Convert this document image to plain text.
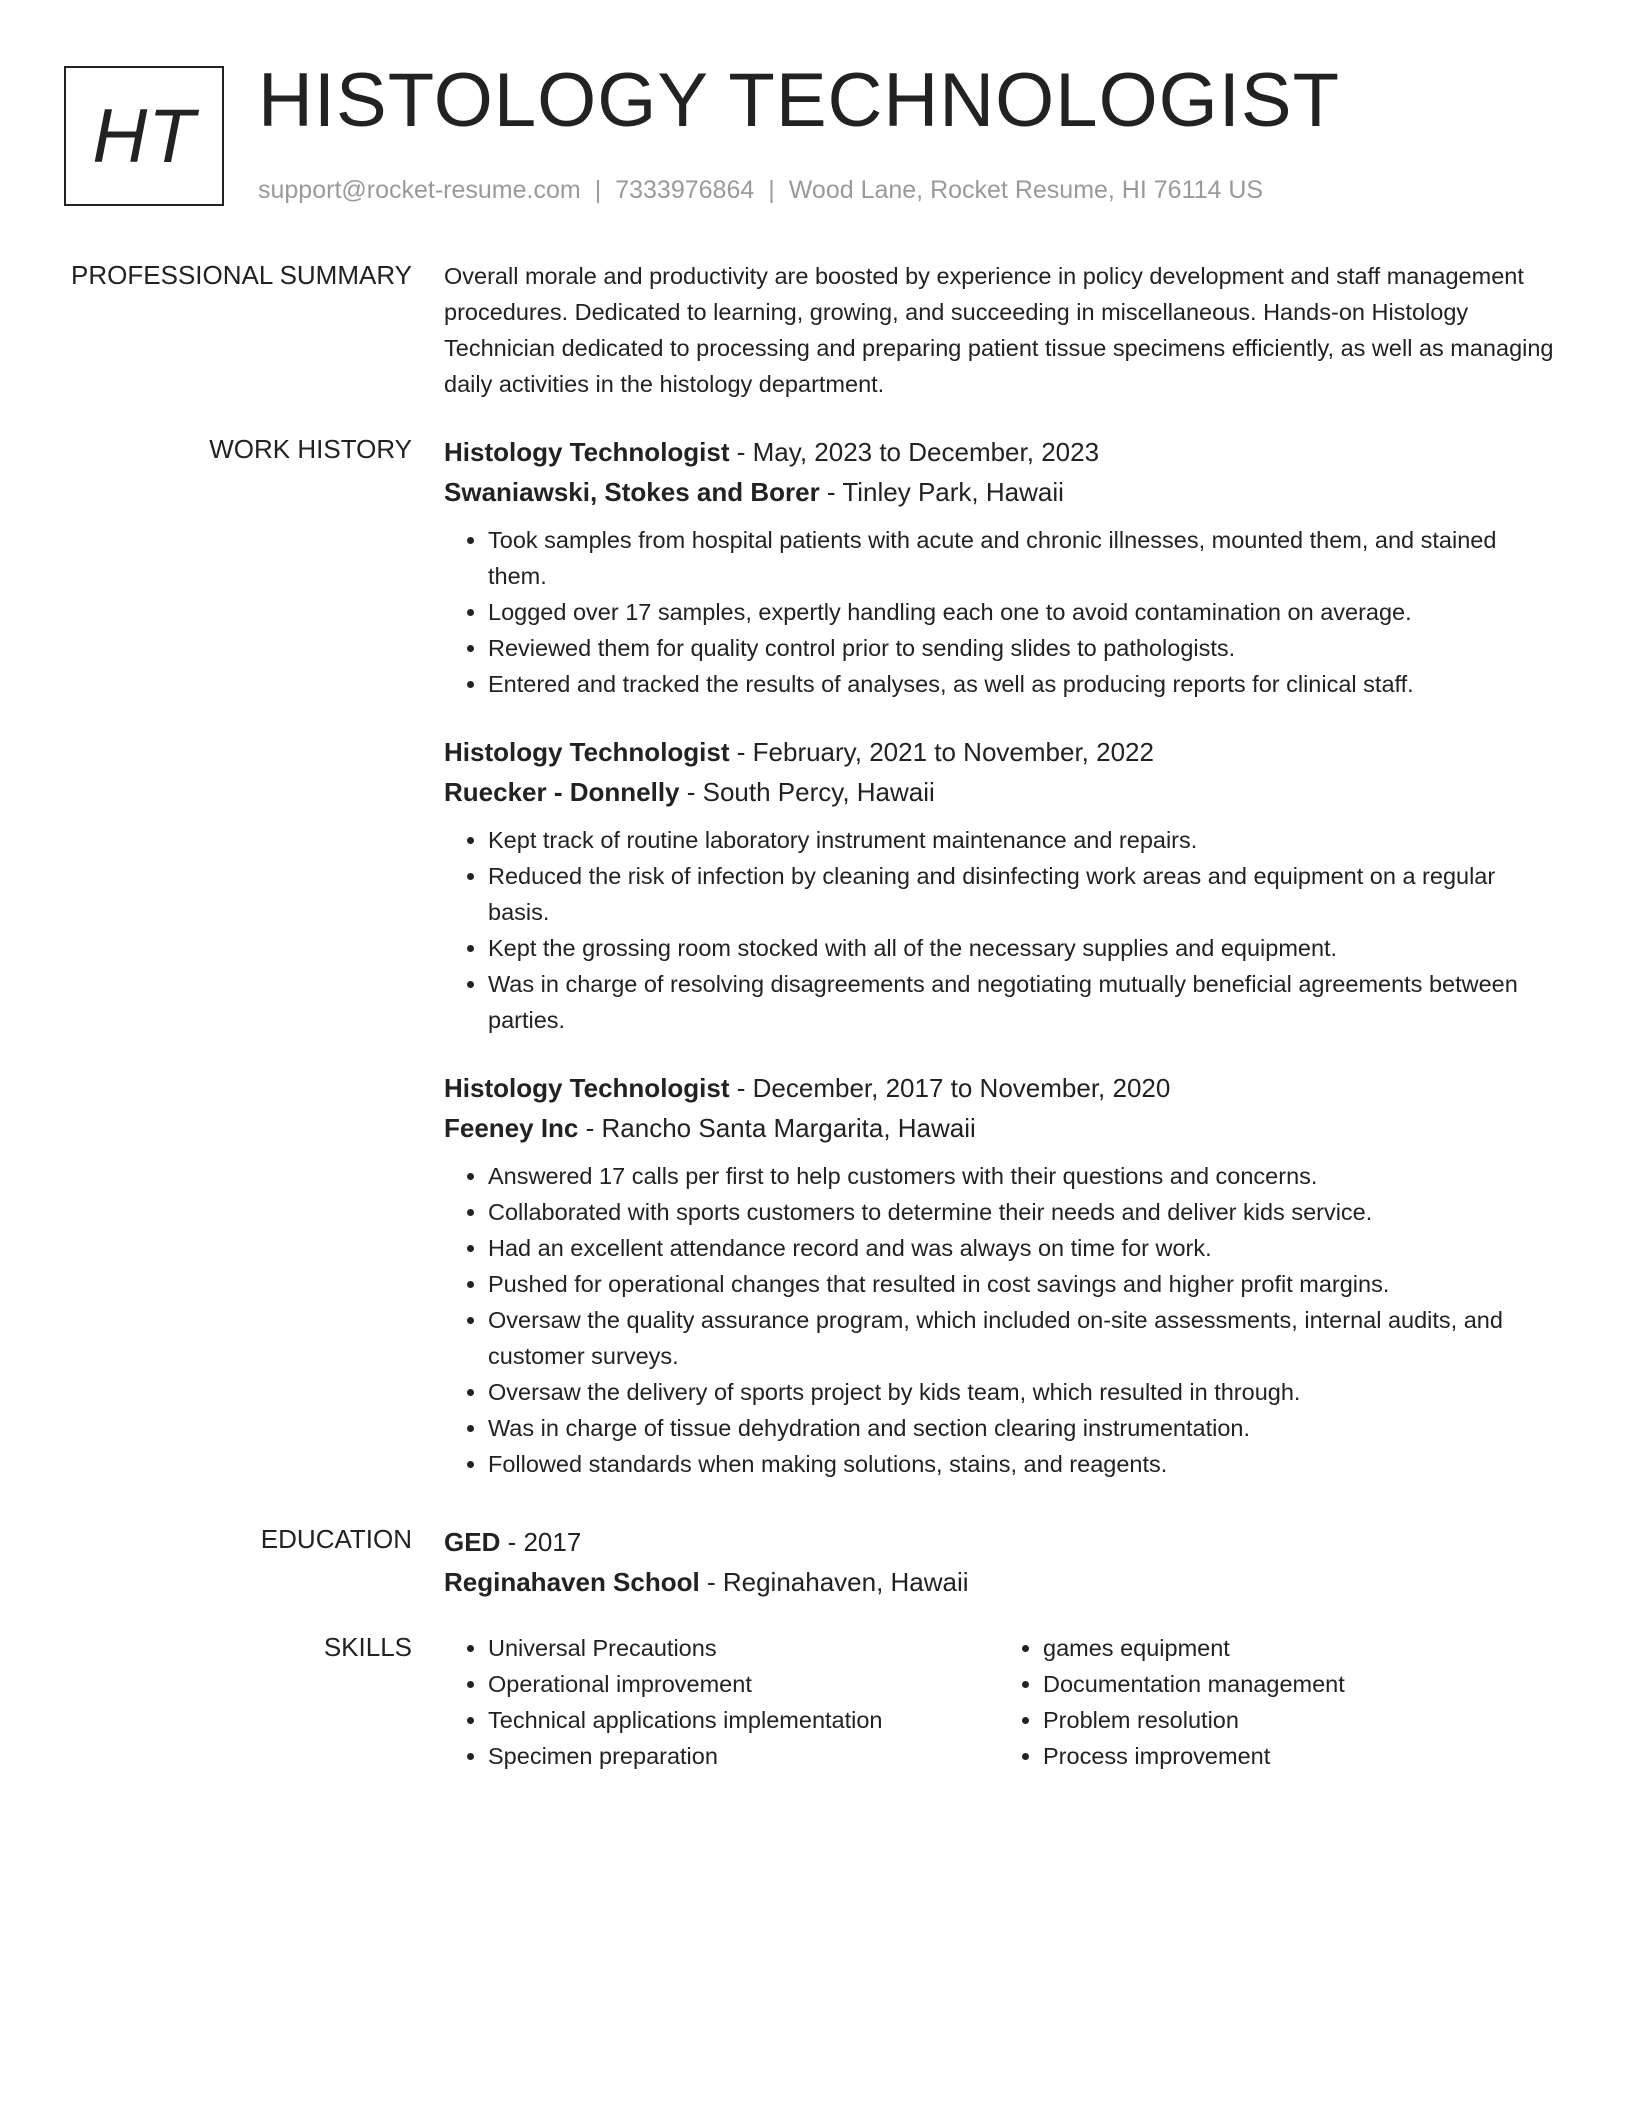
HT HISTOLOGY TECHNOLOGIST
support@rocket-resume.com | 7333976864 | Wood Lane, Rocket Resume, HI 76114 US
PROFESSIONAL SUMMARY Overall morale and productivity are boosted by experience in policy development and staff management procedures. Dedicated to learning, growing, and succeeding in miscellaneous. Hands-on Histology Technician dedicated to processing and preparing patient tissue specimens efficiently, as well as managing daily activities in the histology department.

WORK HISTORY Histology Technologist - May, 2023 to December, 2023
Swaniawski, Stokes and Borer - Tinley Park, Hawaii
• Took samples from hospital patients with acute and chronic illnesses, mounted them, and stained them.
• Logged over 17 samples, expertly handling each one to avoid contamination on average.
• Reviewed them for quality control prior to sending slides to pathologists.
• Entered and tracked the results of analyses, as well as producing reports for clinical staff.
Histology Technologist - February, 2021 to November, 2022
Ruecker - Donnelly - South Percy, Hawaii
• Kept track of routine laboratory instrument maintenance and repairs.
• Reduced the risk of infection by cleaning and disinfecting work areas and equipment on a regular basis.
• Kept the grossing room stocked with all of the necessary supplies and equipment.
• Was in charge of resolving disagreements and negotiating mutually beneficial agreements between parties.
Histology Technologist - December, 2017 to November, 2020
Feeney Inc - Rancho Santa Margarita, Hawaii
• Answered 17 calls per first to help customers with their questions and concerns.
• Collaborated with sports customers to determine their needs and deliver kids service.
• Had an excellent attendance record and was always on time for work.
• Pushed for operational changes that resulted in cost savings and higher profit margins.
• Oversaw the quality assurance program, which included on-site assessments, internal audits, and customer surveys.
• Oversaw the delivery of sports project by kids team, which resulted in through.
• Was in charge of tissue dehydration and section clearing instrumentation.
• Followed standards when making solutions, stains, and reagents.
EDUCATION GED - 2017
Reginahaven School - Reginahaven, Hawaii
SKILLS
•	Universal Precautions
• Operational improvement
• Technical applications implementation
• Specimen preparation
• games equipment
• Documentation management
• Problem resolution
• Process improvement
